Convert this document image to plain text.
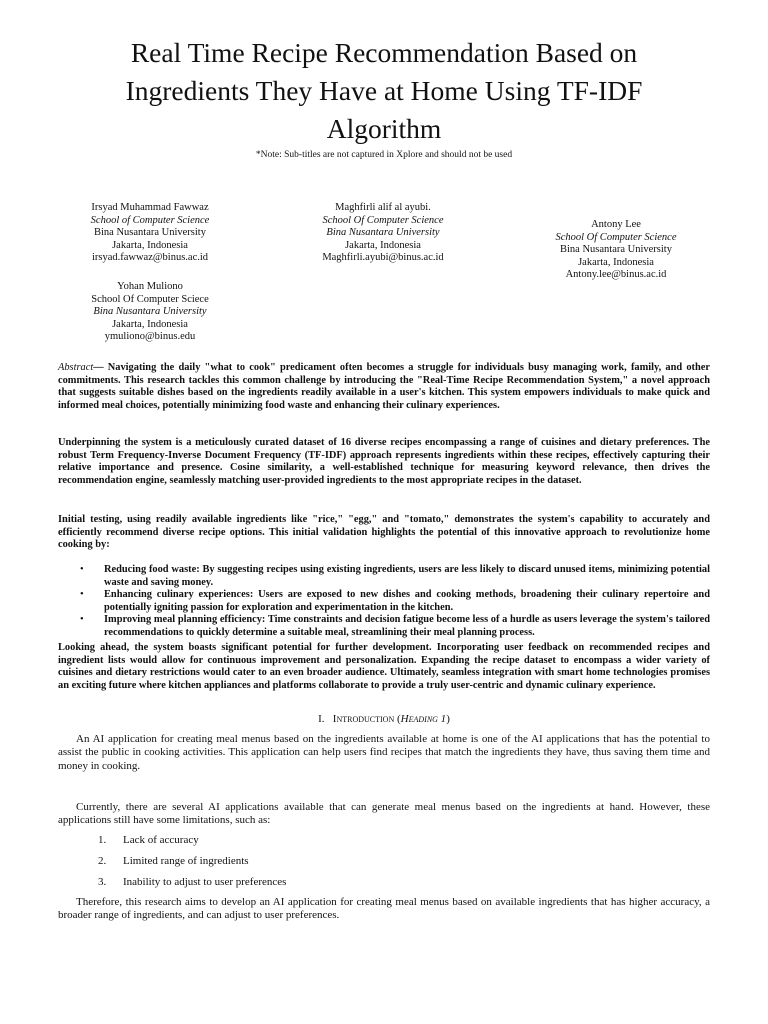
Real Time Recipe Recommendation Based on
Ingredients They Have at Home Using TF-IDF
Algorithm
*Note: Sub-titles are not captured in Xplore and should not be used
Irsyad Muhammad Fawwaz
School of Computer Science
Bina Nusantara University
Jakarta, Indonesia
irsyad.fawwaz@binus.ac.id
Maghfirli alif al ayubi.
School Of Computer Science
Bina Nusantara University
Jakarta, Indonesia
Maghfirli.ayubi@binus.ac.id
Antony Lee
School Of Computer Science
Bina Nusantara University
Jakarta, Indonesia
Antony.lee@binus.ac.id
Yohan Muliono
School Of Computer Sciece
Bina Nusantara University
Jakarta, Indonesia
ymuliono@binus.edu

Abstract— Navigating the daily "what to cook" predicament often becomes a struggle for individuals busy managing work, family, and other commitments. This research tackles this common challenge by introducing the "Real-Time Recipe Recommendation System," a novel approach that suggests suitable dishes based on the ingredients readily available in a user's kitchen. This system empowers individuals to make quick and informed meal choices, potentially minimizing food waste and enhancing their culinary experiences.

Underpinning the system is a meticulously curated dataset of 16 diverse recipes encompassing a range of cuisines and dietary preferences. The robust Term Frequency-Inverse Document Frequency (TF-IDF) approach represents ingredients within these recipes, effectively capturing their relative importance and presence. Cosine similarity, a well-established technique for measuring keyword relevance, then drives the recommendation engine, seamlessly matching user-provided ingredients to the most appropriate recipes in the dataset.

Initial testing, using readily available ingredients like "rice," "egg," and "tomato," demonstrates the system's capability to accurately and efficiently recommend diverse recipe options. This initial validation highlights the potential of this innovative approach to revolutionize home cooking by:

• Reducing food waste: By suggesting recipes using existing ingredients, users are less likely to discard unused items, minimizing potential waste and saving money.
• Enhancing culinary experiences: Users are exposed to new dishes and cooking methods, broadening their culinary repertoire and potentially igniting passion for exploration and experimentation in the kitchen.
• Improving meal planning efficiency: Time constraints and decision fatigue become less of a hurdle as users leverage the system's tailored recommendations to quickly determine a suitable meal, streamlining their meal planning process.

Looking ahead, the system boasts significant potential for further development. Incorporating user feedback on recommended recipes and ingredient lists would allow for continuous improvement and personalization. Expanding the recipe dataset to encompass a wider variety of cuisines and dietary restrictions would cater to an even broader audience. Ultimately, seamless integration with smart home technologies promises an exciting future where kitchen appliances and platforms collaborate to provide a truly user-centric and dynamic culinary experience.

I. Introduction (Heading 1)

An AI application for creating meal menus based on the ingredients available at home is one of the AI applications that has the potential to assist the public in cooking activities. This application can help users find recipes that match the ingredients they have, thus saving them time and money in cooking.

Currently, there are several AI applications available that can generate meal menus based on the ingredients at hand. However, these applications still have some limitations, such as:

1. Lack of accuracy
2. Limited range of ingredients
3. Inability to adjust to user preferences

Therefore, this research aims to develop an AI application for creating meal menus based on available ingredients that has higher accuracy, a broader range of ingredients, and can adjust to user preferences.
